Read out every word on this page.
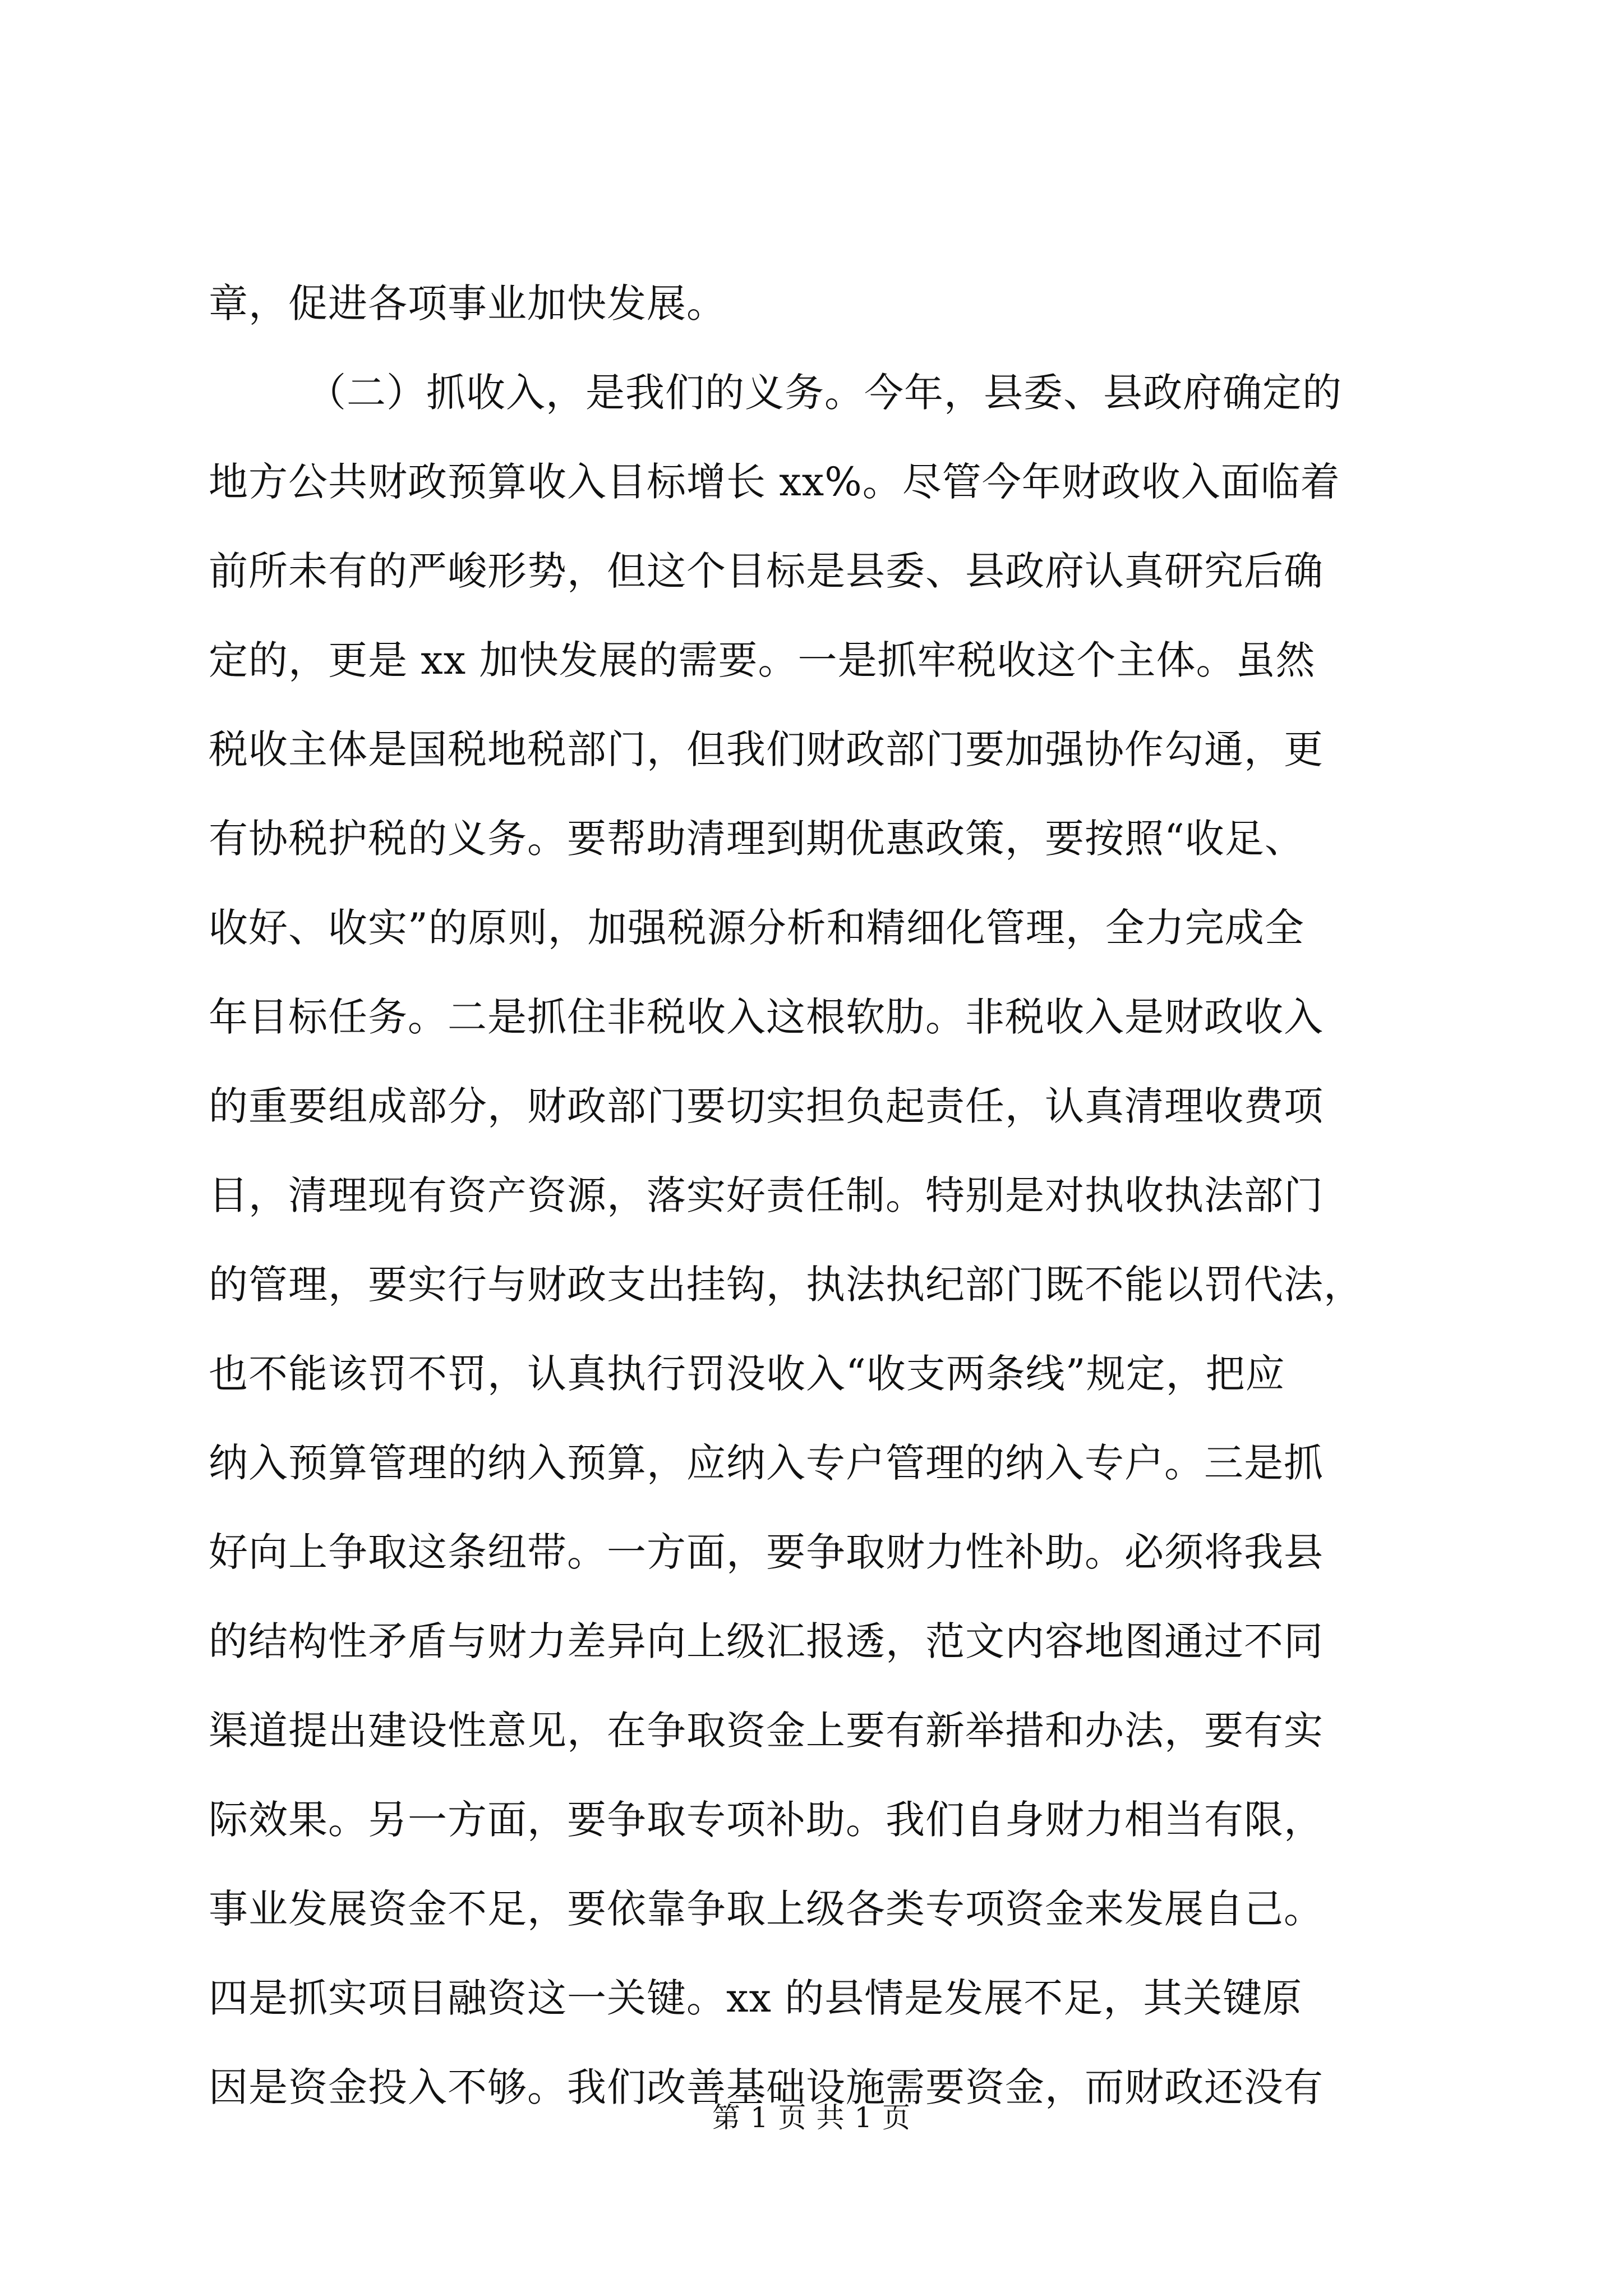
章，促进各项事业加快发展。
（二）抓收入，是我们的义务。今年，县委、县政府确定的
地方公共财政预算收入目标增长 xx%。尽管今年财政收入面临着
前所未有的严峻形势，但这个目标是县委、县政府认真研究后确
定的，更是 xx 加快发展的需要。一是抓牢税收这个主体。虽然
税收主体是国税地税部门，但我们财政部门要加强协作勾通，更
有协税护税的义务。要帮助清理到期优惠政策，要按照“收足、
收好、收实”的原则，加强税源分析和精细化管理，全力完成全
年目标任务。二是抓住非税收入这根软肋。非税收入是财政收入
的重要组成部分，财政部门要切实担负起责任，认真清理收费项
目，清理现有资产资源，落实好责任制。特别是对执收执法部门
的管理，要实行与财政支出挂钩，执法执纪部门既不能以罚代法，
也不能该罚不罚，认真执行罚没收入“收支两条线”规定，把应
纳入预算管理的纳入预算，应纳入专户管理的纳入专户。三是抓
好向上争取这条纽带。一方面，要争取财力性补助。必须将我县
的结构性矛盾与财力差异向上级汇报透，范文内容地图通过不同
渠道提出建设性意见，在争取资金上要有新举措和办法，要有实
际效果。另一方面，要争取专项补助。我们自身财力相当有限，
事业发展资金不足，要依靠争取上级各类专项资金来发展自己。
四是抓实项目融资这一关键。xx 的县情是发展不足，其关键原
因是资金投入不够。我们改善基础设施需要资金，而财政还没有
第 1 页 共 1 页
